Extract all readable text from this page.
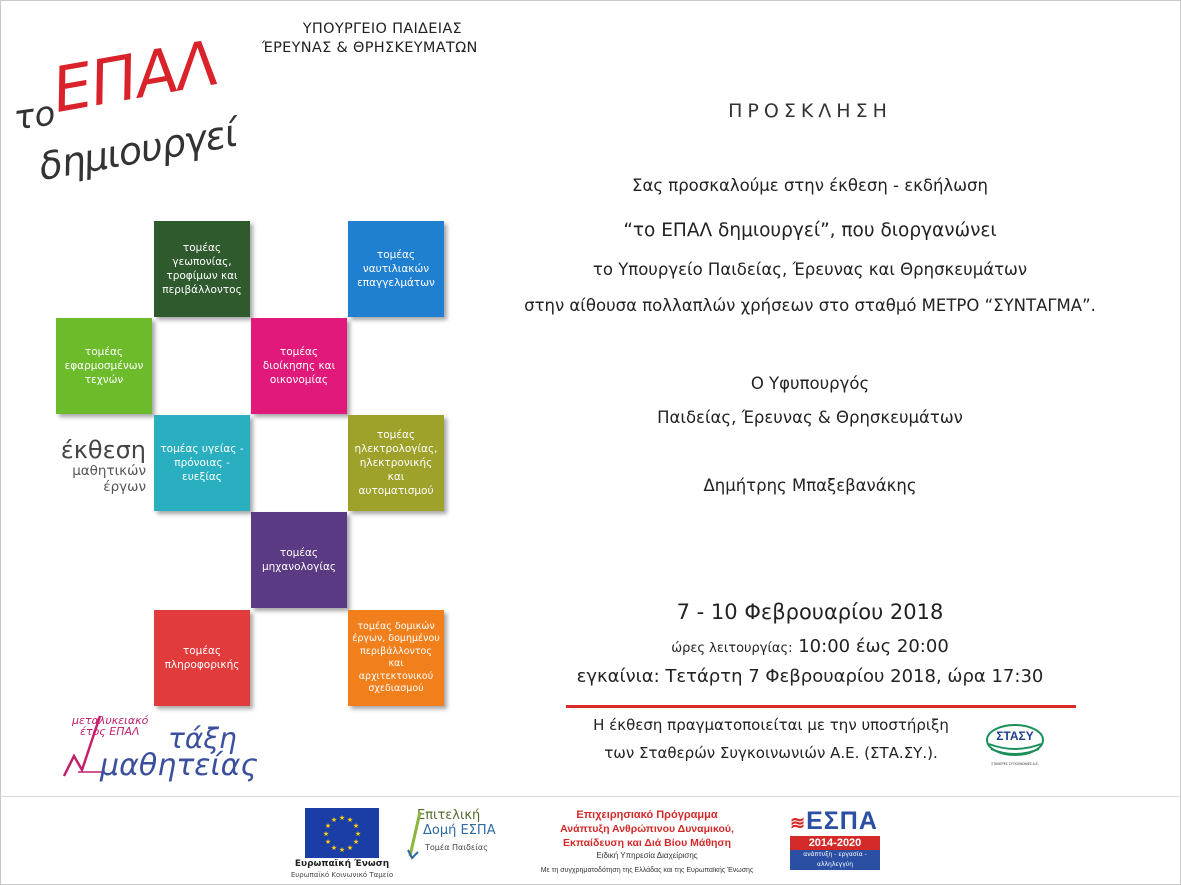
ΥΠΟΥΡΓΕΙΟ ΠΑΙΔΕΙΑΣ
ΈΡΕΥΝΑΣ & ΘΡΗΣΚΕΥΜΑΤΩΝ
ΕΠΑΛ
το
δημιουργεί
τομέας γεωπονίας, τροφίμων και περιβάλλοντος
τομέας ναυτιλιακών επαγγελμάτων
τομέας εφαρμοσμένων τεχνών
τομέας διοίκησης και οικονομίας
τομέας υγείας - πρόνοιας - ευεξίας
τομέας ηλεκτρολογίας, ηλεκτρονικής και αυτοματισμού
τομέας μηχανολογίας
τομέας πληροφορικής
τομέας δομικών έργων, δομημένου περιβάλλοντος και αρχιτεκτονικού σχεδιασμού
έκθεση
μαθητικών
έργων
μεταλυκειακό
έτος ΕΠΑΛ	τάξη
μαθητείας
ΠΡΟΣΚΛΗΣΗ
Σας προσκαλούμε στην έκθεση - εκδήλωση
“το ΕΠΑΛ δημιουργεί”, που διοργανώνει
το Υπουργείο Παιδείας, Έρευνας και Θρησκευμάτων
στην αίθουσα πολλαπλών χρήσεων στο σταθμό ΜΕΤΡΟ “ΣΥΝΤΑΓΜΑ”.
Ο Υφυπουργός
Παιδείας, Έρευνας & Θρησκευμάτων
Δημήτρης Μπαξεβανάκης
7 - 10 Φεβρουαρίου 2018
ώρες λειτουργίας: 10:00 έως 20:00
εγκαίνια: Τετάρτη 7 Φεβρουαρίου 2018, ώρα 17:30
Η έκθεση πραγματοποιείται με την υποστήριξη
των Σταθερών Συγκοινωνιών Α.Ε. (ΣΤΑ.ΣΥ.).
ΣΤΑΣΥ
ΣΤΑΘΕΡΕΣ ΣΥΓΚΟΙΝΩΝΙΕΣ Α.Ε.
★ ★
★
★
★
★
★
★
★
★
★
★
Ευρωπαϊκή Ένωση
Ευρωπαϊκό Κοινωνικό Ταμείο
Επιτελική
Δομή ΕΣΠΑ
Τομέα Παιδείας
Επιχειρησιακό Πρόγραμμα
Ανάπτυξη Ανθρώπινου Δυναμικού,
Εκπαίδευση και Διά Βίου Μάθηση
Ειδική Υπηρεσία Διαχείρισης
Με τη συγχρηματοδότηση της Ελλάδας και της Ευρωπαϊκής Ένωσης
≋ΕΣΠΑ
2014-2020
ανάπτυξη - εργασία - αλληλεγγύη
